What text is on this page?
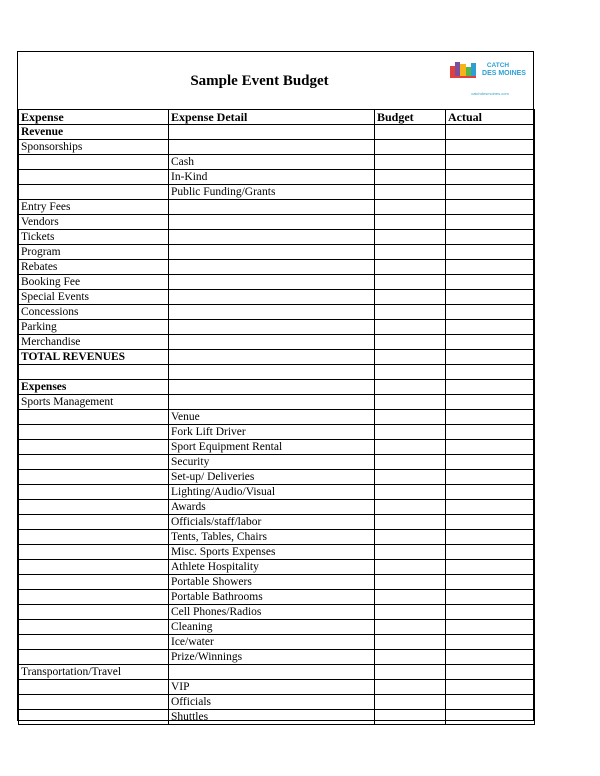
Sample Event Budget
CATCH
DES MOINES
catchdesmoines.com
Expense	Expense Detail	Budget	Actual
Revenue			
Sponsorships			
	Cash		
	In-Kind		
	Public Funding/Grants		
Entry Fees			
Vendors			
Tickets			
Program			
Rebates			
Booking Fee			
Special Events			
Concessions			
Parking			
Merchandise			
TOTAL REVENUES			

Expenses			
Sports Management			
	Venue		
	Fork Lift Driver		
	Sport Equipment Rental		
	Security		
	Set-up/ Deliveries		
	Lighting/Audio/Visual		
	Awards		
	Officials/staff/labor		
	Tents, Tables, Chairs		
	Misc. Sports Expenses		
	Athlete Hospitality		
	Portable Showers		
	Portable Bathrooms		
	Cell Phones/Radios		
	Cleaning		
	Ice/water		
	Prize/Winnings		
Transportation/Travel			
	VIP		
	Officials		
	Shuttles		
